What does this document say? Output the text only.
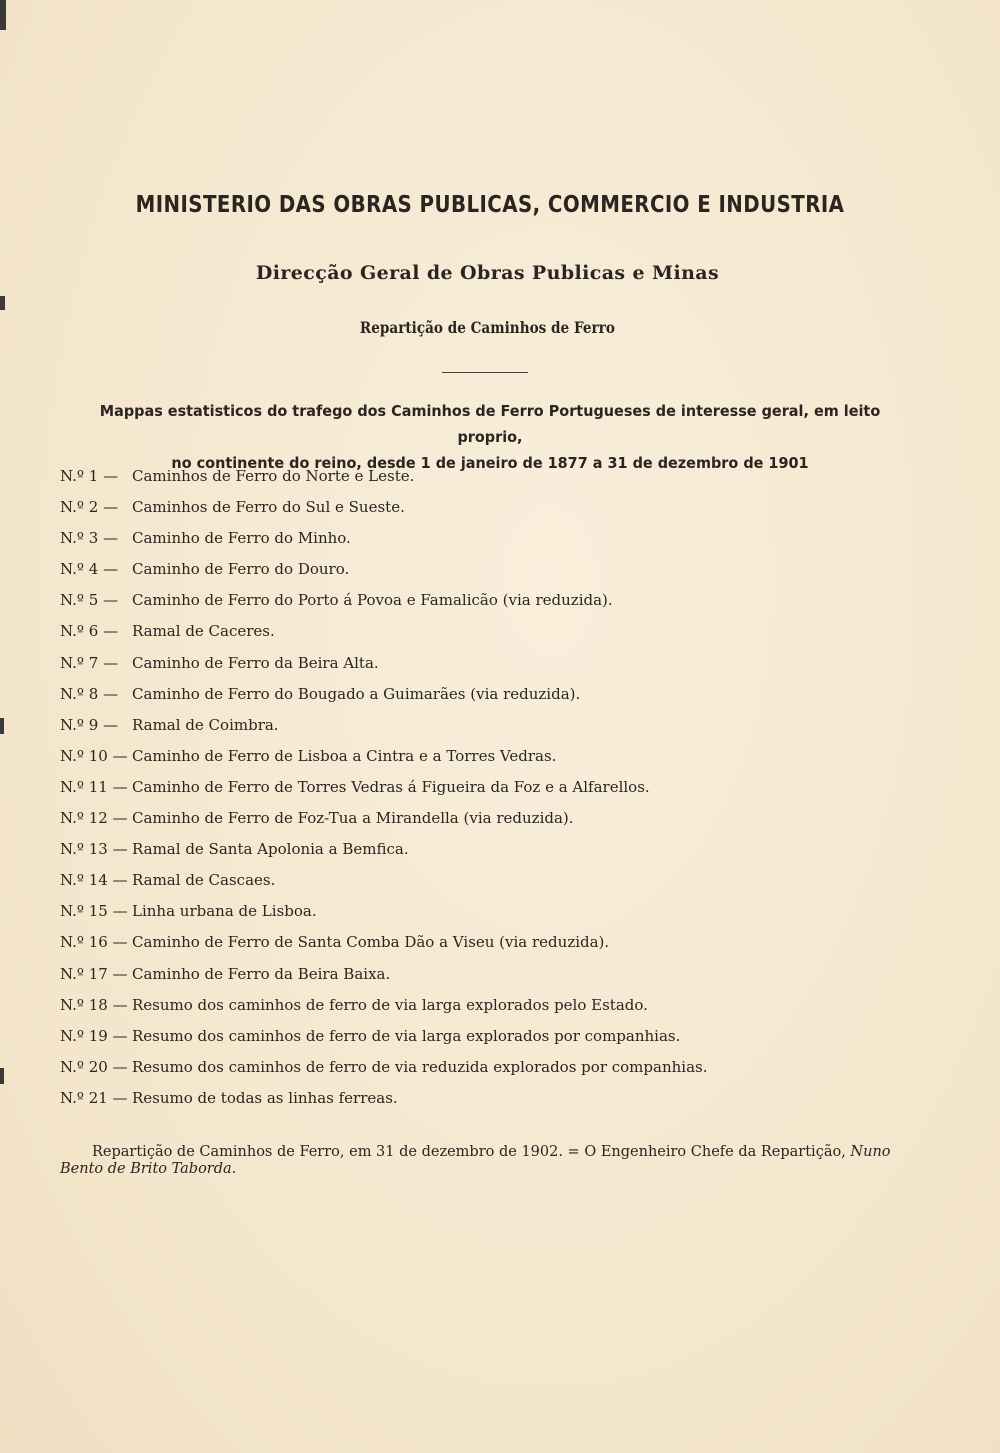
MINISTERIO DAS OBRAS PUBLICAS, COMMERCIO E INDUSTRIA
Direcção Geral de Obras Publicas e Minas
Repartição de Caminhos de Ferro
Mappas estatisticos do trafego dos Caminhos de Ferro Portugueses de interesse geral, em leito proprio,
no continente do reino, desde 1 de janeiro de 1877 a 31 de dezembro de 1901
N.º 1 — Caminhos de Ferro do Norte e Leste.
N.º 2 — Caminhos de Ferro do Sul e Sueste.
N.º 3 — Caminho de Ferro do Minho.
N.º 4 — Caminho de Ferro do Douro.
N.º 5 — Caminho de Ferro do Porto á Povoa e Famalicão (via reduzida).
N.º 6 — Ramal de Caceres.
N.º 7 — Caminho de Ferro da Beira Alta.
N.º 8 — Caminho de Ferro do Bougado a Guimarães (via reduzida).
N.º 9 — Ramal de Coimbra.
N.º 10 — Caminho de Ferro de Lisboa a Cintra e a Torres Vedras.
N.º 11 — Caminho de Ferro de Torres Vedras á Figueira da Foz e a Alfarellos.
N.º 12 — Caminho de Ferro de Foz-Tua a Mirandella (via reduzida).
N.º 13 — Ramal de Santa Apolonia a Bemfica.
N.º 14 — Ramal de Cascaes.
N.º 15 — Linha urbana de Lisboa.
N.º 16 — Caminho de Ferro de Santa Comba Dão a Viseu (via reduzida).
N.º 17 — Caminho de Ferro da Beira Baixa.
N.º 18 — Resumo dos caminhos de ferro de via larga explorados pelo Estado.
N.º 19 — Resumo dos caminhos de ferro de via larga explorados por companhias.
N.º 20 — Resumo dos caminhos de ferro de via reduzida explorados por companhias.
N.º 21 — Resumo de todas as linhas ferreas.
Repartição de Caminhos de Ferro, em 31 de dezembro de 1902. = O Engenheiro Chefe da Repartição, Nuno Bento de Brito Taborda.
